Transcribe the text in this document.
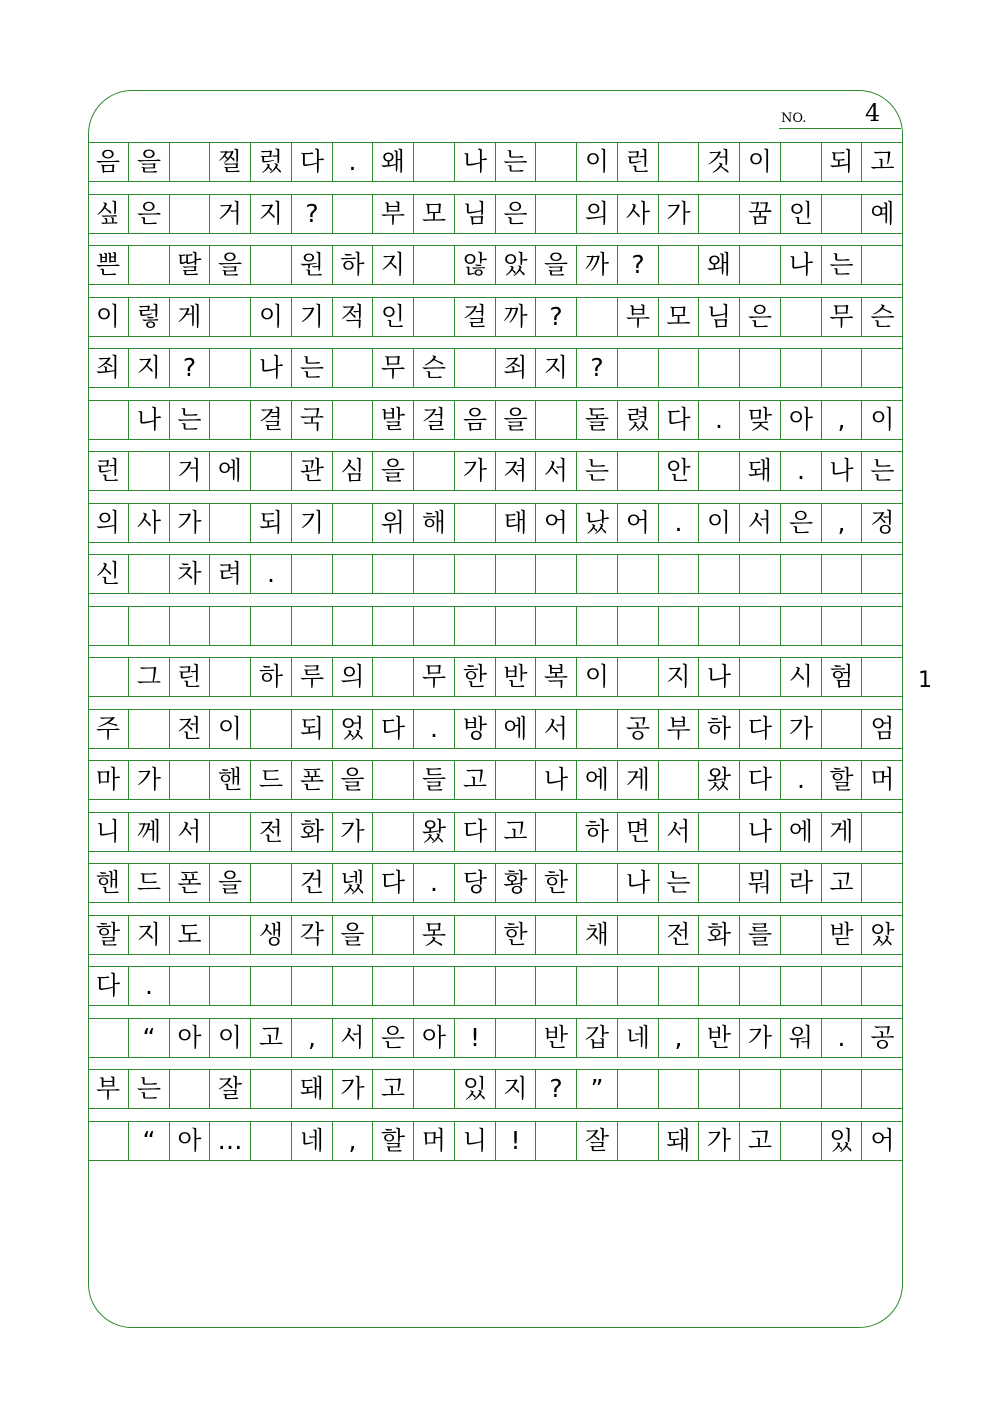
NO. 4
1
음 을	찔 렀 다 . 왜	나 는	이 런	것 이	되 고
싶 은	거 지 ?	부 모 님 은	의 사 가	꿈 인	예
쁜	딸 을	원 하 지	않 았 을 까 ?	왜	나 는
이 렇 게	이 기 적 인	걸 까 ?	부 모 님 은	무 슨
죄 지 ?	나 는	무 슨	죄 지 ?
나 는	결 국	발 걸 음 을	돌 렸 다 . 맞 아 , 이
런	거 에	관 심 을	가 져 서 는	안	돼 . 나 는
의 사 가	되 기	위 해	태 어 났 어 . 이 서 은 , 정
신	차 려 .
그 런	하 루 의	무 한 반 복 이	지 나	시 험
주	전 이	되 었 다 . 방 에 서	공 부 하 다 가	엄
마 가	핸 드 폰 을	들 고	나 에 게	왔 다 . 할 머
니 께 서	전 화 가	왔 다 고	하 면 서	나 에 게
핸 드 폰 을	건 넸 다 . 당 황 한	나 는	뭐 라 고
할 지 도	생 각 을	못	한	채	전 화 를	받 았
다 .
“ 아 이 고 , 서 은 아 !	반 갑 네 , 반 가 워 . 공
부 는	잘	돼 가 고	있 지 ?	”
“ 아 …	네 , 할 머 니 !	잘	돼 가 고	있 어
